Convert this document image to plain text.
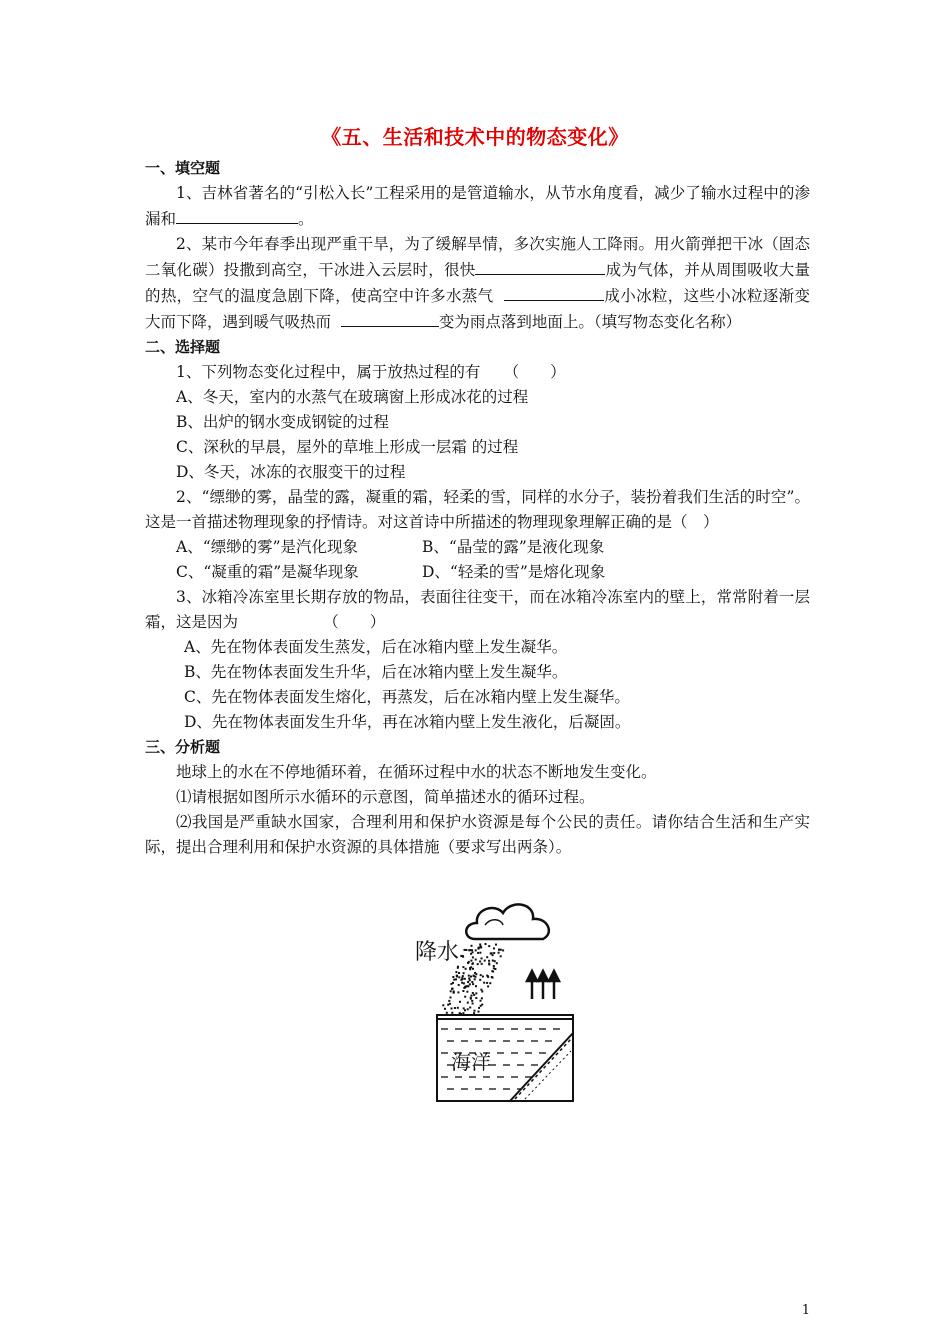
《五、生活和技术中的物态变化》
一、填空题
1、吉林省著名的“引松入长”工程采用的是管道输水，从节水角度看，减少了输水过程中的渗漏和	。
2、某市今年春季出现严重干旱，为了缓解旱情，多次实施人工降雨。用火箭弹把干冰（固态二氧化碳）投撒到高空，干冰进入云层时，很快	成为气体，并从周围吸收大量的热，空气的温度急剧下降，使高空中许多水蒸气	成小冰粒，这些小冰粒逐渐变大而下降，遇到暖气吸热而	变为雨点落到地面上。（填写物态变化名称）
二、选择题
1、下列物态变化过程中，属于放热过程的有　　（　　）
A、冬天，室内的水蒸气在玻璃窗上形成冰花的过程
B、出炉的钢水变成钢锭的过程
C、深秋的早晨，屋外的草堆上形成一层霜 的过程
D、冬天，冰冻的衣服变干的过程
2、“缥缈的雾，晶莹的露，凝重的霜，轻柔的雪，同样的水分子，装扮着我们生活的时空”。这是一首描述物理现象的抒情诗。对这首诗中所描述的物理现象理解正确的是（　）
A、“缥缈的雾”是汽化现象	B、“晶莹的露”是液化现象
C、“凝重的霜”是凝华现象	D、“轻柔的雪”是熔化现象
3、冰箱冷冻室里长期存放的物品，表面往往变干，而在冰箱冷冻室内的壁上，常常附着一层霜，这是因为　　　　　　（　　）
A、先在物体表面发生蒸发，后在冰箱内壁上发生凝华。
B、先在物体表面发生升华，后在冰箱内壁上发生凝华。
C、先在物体表面发生熔化，再蒸发，后在冰箱内壁上发生凝华。
D、先在物体表面发生升华，再在冰箱内壁上发生液化，后凝固。
三、分析题
地球上的水在不停地循环着，在循环过程中水的状态不断地发生变化。
⑴请根据如图所示水循环的示意图，简单描述水的循环过程。
⑵我国是严重缺水国家，合理利用和保护水资源是每个公民的责任。请你结合生活和生产实际，提出合理利用和保护水资源的具体措施（要求写出两条）。
降水
海洋
1
